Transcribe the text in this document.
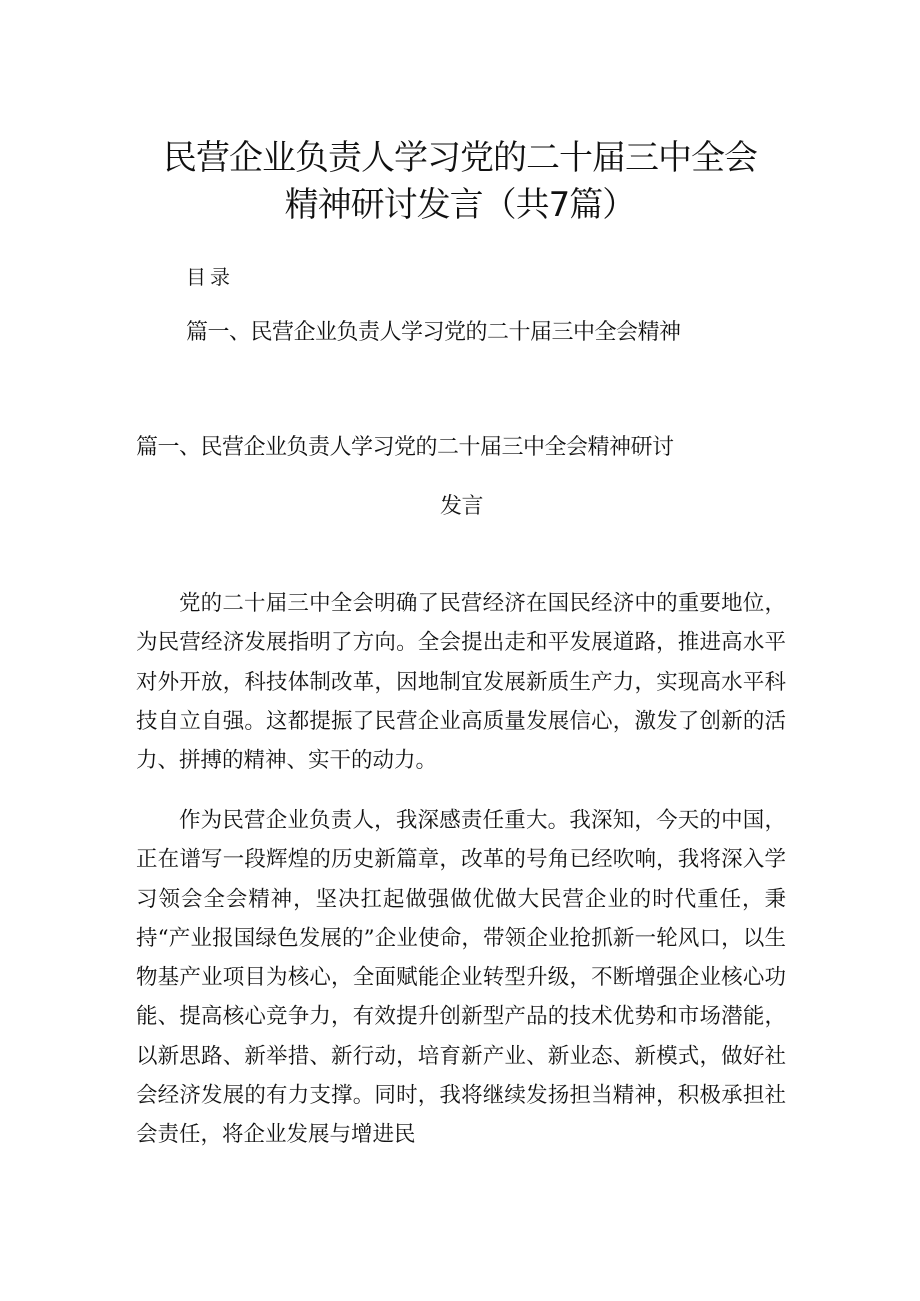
民营企业负责人学习党的二十届三中全会
精神研讨发言（共7篇）
目录
篇一、民营企业负责人学习党的二十届三中全会精神
篇一、民营企业负责人学习党的二十届三中全会精神研讨
发言

党的二十届三中全会明确了民营经济在国民经济中的重要地位，为民营经济发展指明了方向。全会提出走和平发展道路，推进高水平对外开放，科技体制改革，因地制宜发展新质生产力，实现高水平科技自立自强。这都提振了民营企业高质量发展信心，激发了创新的活力、拼搏的精神、实干的动力。

作为民营企业负责人，我深感责任重大。我深知，今天的中国，正在谱写一段辉煌的历史新篇章，改革的号角已经吹响，我将深入学习领会全会精神，坚决扛起做强做优做大民营企业的时代重任，秉持“产业报国绿色发展的”企业使命，带领企业抢抓新一轮风口，以生物基产业项目为核心，全面赋能企业转型升级，不断增强企业核心功能、提高核心竞争力，有效提升创新型产品的技术优势和市场潜能，以新思路、新举措、新行动，培育新产业、新业态、新模式，做好社会经济发展的有力支撑。同时，我将继续发扬担当精神，积极承担社会责任，将企业发展与增进民
